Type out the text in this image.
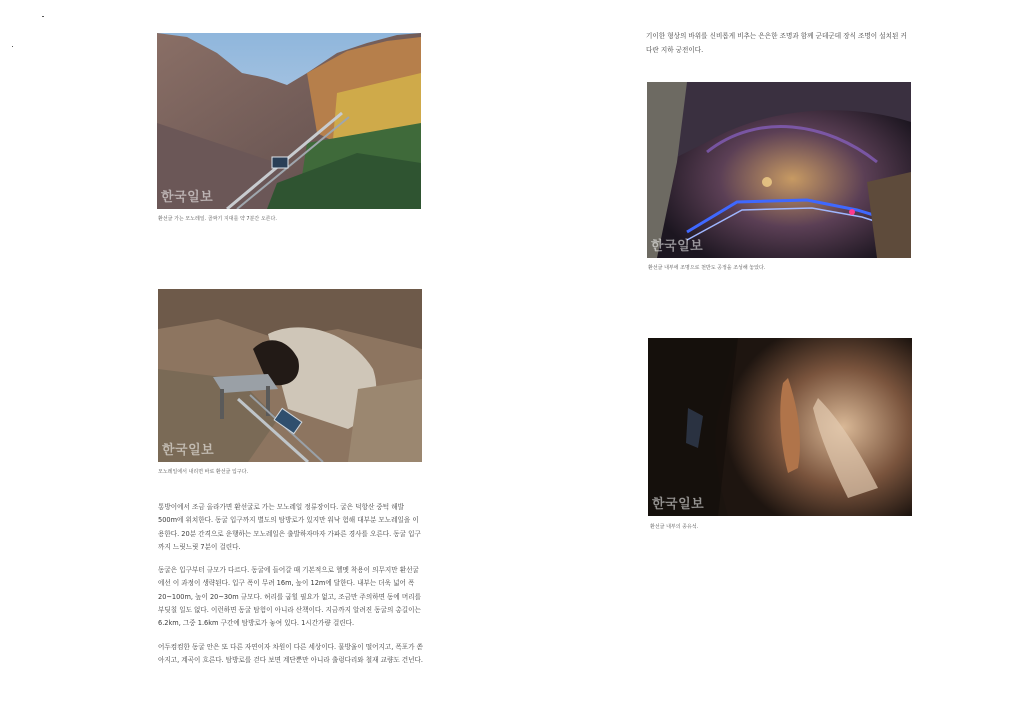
한국일보
환선굴 가는 모노레일. 골짜기 지대를 약 7분간 오른다.
한국일보
모노레일에서 내리면 바로 환선굴 입구다.

통방이에서 조금 올라가면 환선굴로 가는 모노레일 정류장이다. 굴은 덕항산 중턱 해발 500m에 위치한다. 동굴 입구까지 별도의 탐방로가 있지만 워낙 험해 대부분 모노레일을 이용한다. 20분 간격으로 운행하는 모노레일은 출발하자마자 가파른 경사를 오른다. 동굴 입구까지 느릿느릿 7분이 걸린다.

동굴은 입구부터 규모가 다르다. 동굴에 들어갈 때 기본적으로 헬멧 착용이 의무지만 환선굴에선 이 과정이 생략된다. 입구 폭이 무려 16m, 높이 12m에 달한다. 내부는 더욱 넓어 폭 20~100m, 높이 20~30m 규모다. 허리를 굽힐 필요가 없고, 조금만 주의하면 동에 머리를 부딪칠 일도 없다. 이런하면 동굴 탐험이 아니라 산책이다. 지금까지 알려진 동굴의 총길이는 6.2km, 그중 1.6km 구간에 탐방로가 놓여 있다. 1시간가량 걸린다.

어두컴컴한 동굴 안은 또 다른 자연이자 차원이 다른 세상이다. 물방울이 떨어지고, 폭포가 쏟아지고, 계곡이 흐른다. 탐방로를 걷다 보면 계단뿐만 아니라 출렁다리와 철재 교량도 건넌다.

기이한 형상의 바위를 신비롭게 비추는 은은한 조명과 함께 군데군데 장식 조명이 설치된 커다란 지하 궁전이다.
한국일보
환선굴 내부에 조명으로 천반도 공정을 조성해 놓았다.
한국일보
환선굴 내부의 종유석.
